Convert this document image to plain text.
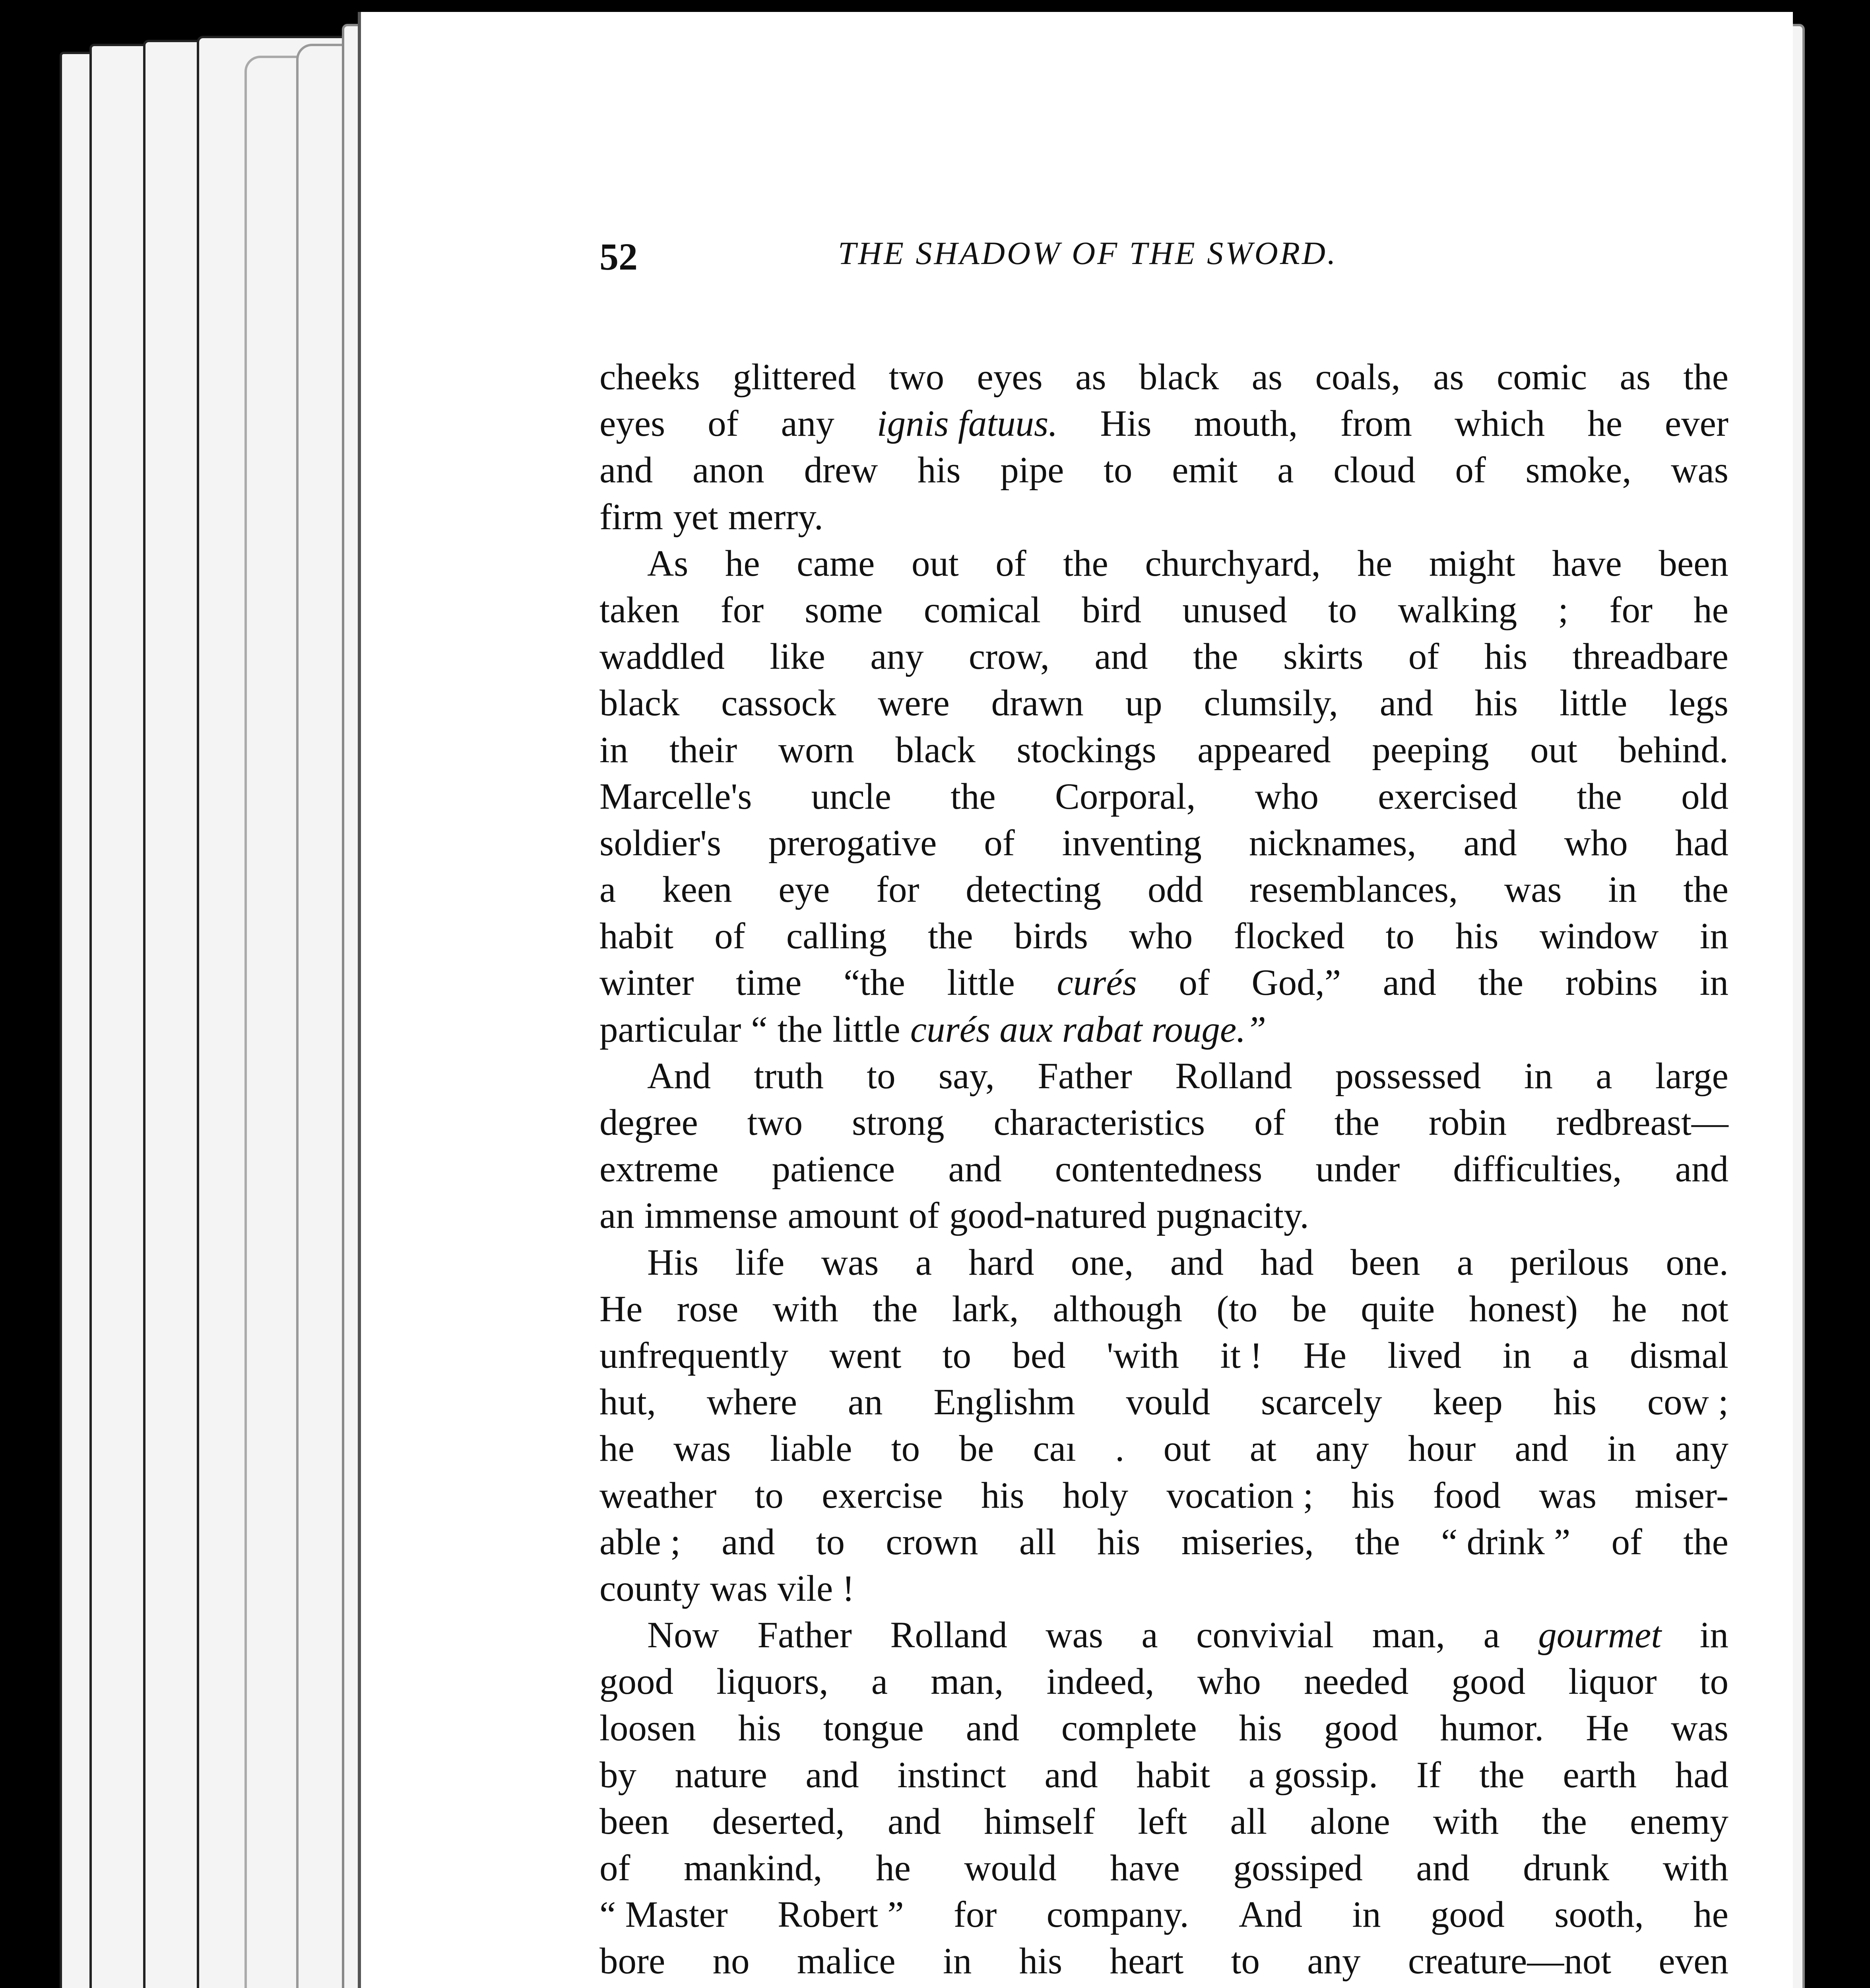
52	THE SHADOW OF THE SWORD.
cheeks glittered two eyes as black as coals, as comic as the
eyes of any ignis fatuus. His mouth, from which he ever
and anon drew his pipe to emit a cloud of smoke, was
firm yet merry.
As he came out of the churchyard, he might have been
taken for some comical bird unused to walking ; for he
waddled like any crow, and the skirts of his threadbare
black cassock were drawn up clumsily, and his little legs
in their worn black stockings appeared peeping out behind.
Marcelle's uncle the Corporal, who exercised the old
soldier's prerogative of inventing nicknames, and who had
a keen eye for detecting odd resemblances, was in the
habit of calling the birds who flocked to his window in
winter time “the little curés of God,” and the robins in
particular “ the little curés aux rabat rouge.”
And truth to say, Father Rolland possessed in a large
degree two strong characteristics of the robin redbreast—
extreme patience and contentedness under difficulties, and
an immense amount of good-natured pugnacity.
His life was a hard one, and had been a perilous one.
He rose with the lark, although (to be quite honest) he not
unfrequently went to bed 'with it ! He lived in a dismal
hut, where an Englishm vould scarcely keep his cow ;
he was liable to be caı . out at any hour and in any
weather to exercise his holy vocation ; his food was miser-
able ; and to crown all his miseries, the “ drink ” of the
county was vile !
Now Father Rolland was a convivial man, a gourmet in
good liquors, a man, indeed, who needed good liquor to
loosen his tongue and complete his good humor. He was
by nature and instinct and habit a gossip. If the earth had
been deserted, and himself left all alone with the enemy
of mankind, he would have gossiped and drunk with
“ Master Robert ” for company. And in good sooth, he
bore no malice in his heart to any creature—not even
